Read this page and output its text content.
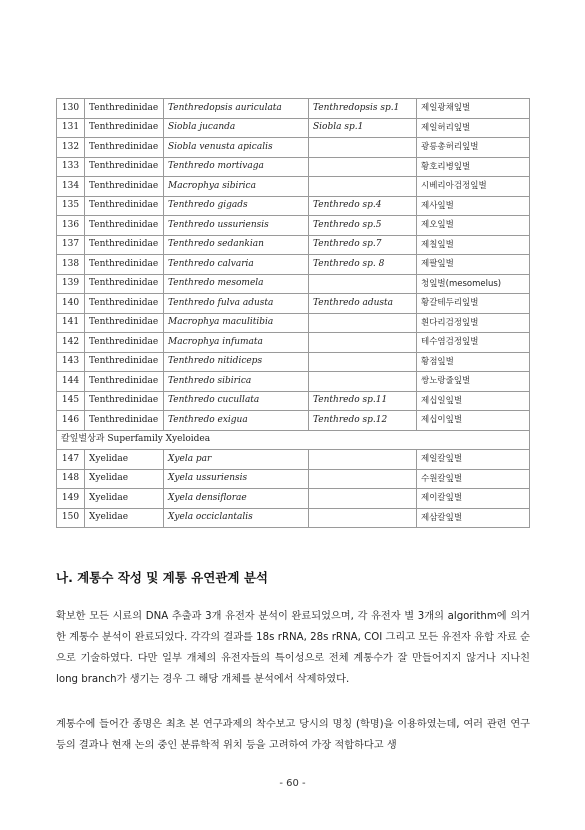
130	Tenthredinidae	Tenthredopsis auriculata	Tenthredopsis sp.1	제일광채잎벌
131	Tenthredinidae	Siobla jucanda	Siobla sp.1	제일허리잎벌
132	Tenthredinidae	Siobla venusta apicalis		광릉총허리잎벌
133	Tenthredinidae	Tenthredo mortivaga		황호리병잎벌
134	Tenthredinidae	Macrophya sibirica		시베리아검정잎벌
135	Tenthredinidae	Tenthredo gigads	Tenthredo sp.4	제사잎벌
136	Tenthredinidae	Tenthredo ussuriensis	Tenthredo sp.5	제오잎벌
137	Tenthredinidae	Tenthredo sedankian	Tenthredo sp.7	제칠잎벌
138	Tenthredinidae	Tenthredo calvaria	Tenthredo sp. 8	제팔잎벌
139	Tenthredinidae	Tenthredo mesomela		청잎벌(mesomelus)
140	Tenthredinidae	Tenthredo fulva adusta	Tenthredo adusta	황갈테두리잎벌
141	Tenthredinidae	Macrophya maculitibia		흰다리검정잎벌
142	Tenthredinidae	Macrophya infumata		테수염검정잎벌
143	Tenthredinidae	Tenthredo nitidiceps		황점잎벌
144	Tenthredinidae	Tenthredo sibirica		쌍노랑줄잎벌
145	Tenthredinidae	Tenthredo cucullata	Tenthredo sp.11	제십일잎벌
146	Tenthredinidae	Tenthredo exigua	Tenthredo sp.12	제십이잎벌
칼잎벌상과 Superfamily Xyeloidea				
147	Xyelidae	Xyela par		제일칼잎벌
148	Xyelidae	Xyela ussuriensis		수원칼잎벌
149	Xyelidae	Xyela densiflorae		제이칼잎벌
150	Xyelidae	Xyela occiclantalis		제삼칼잎벌
나. 계통수 작성 및 계통 유연관계 분석

확보한 모든 시료의 DNA 추출과 3개 유전자 분석이 완료되었으며, 각 유전자 별 3개의 algorithm에 의거한 계통수 분석이 완료되었다. 각각의 결과를 18s rRNA, 28s rRNA, COI 그리고 모든 유전자 유합 자료 순으로 기술하였다. 다만 일부 개체의 유전자들의 특이성으로 전체 계통수가 잘 만들어지지 않거나 지나친 long branch가 생기는 경우 그 해당 개체를 분석에서 삭제하였다.

계통수에 들어간 종명은 최초 본 연구과제의 착수보고 당시의 명칭 (학명)을 이용하였는데, 여러 관련 연구 등의 결과나 현재 논의 중인 분류학적 위치 등을 고려하여 가장 적합하다고 생

- 60 -
